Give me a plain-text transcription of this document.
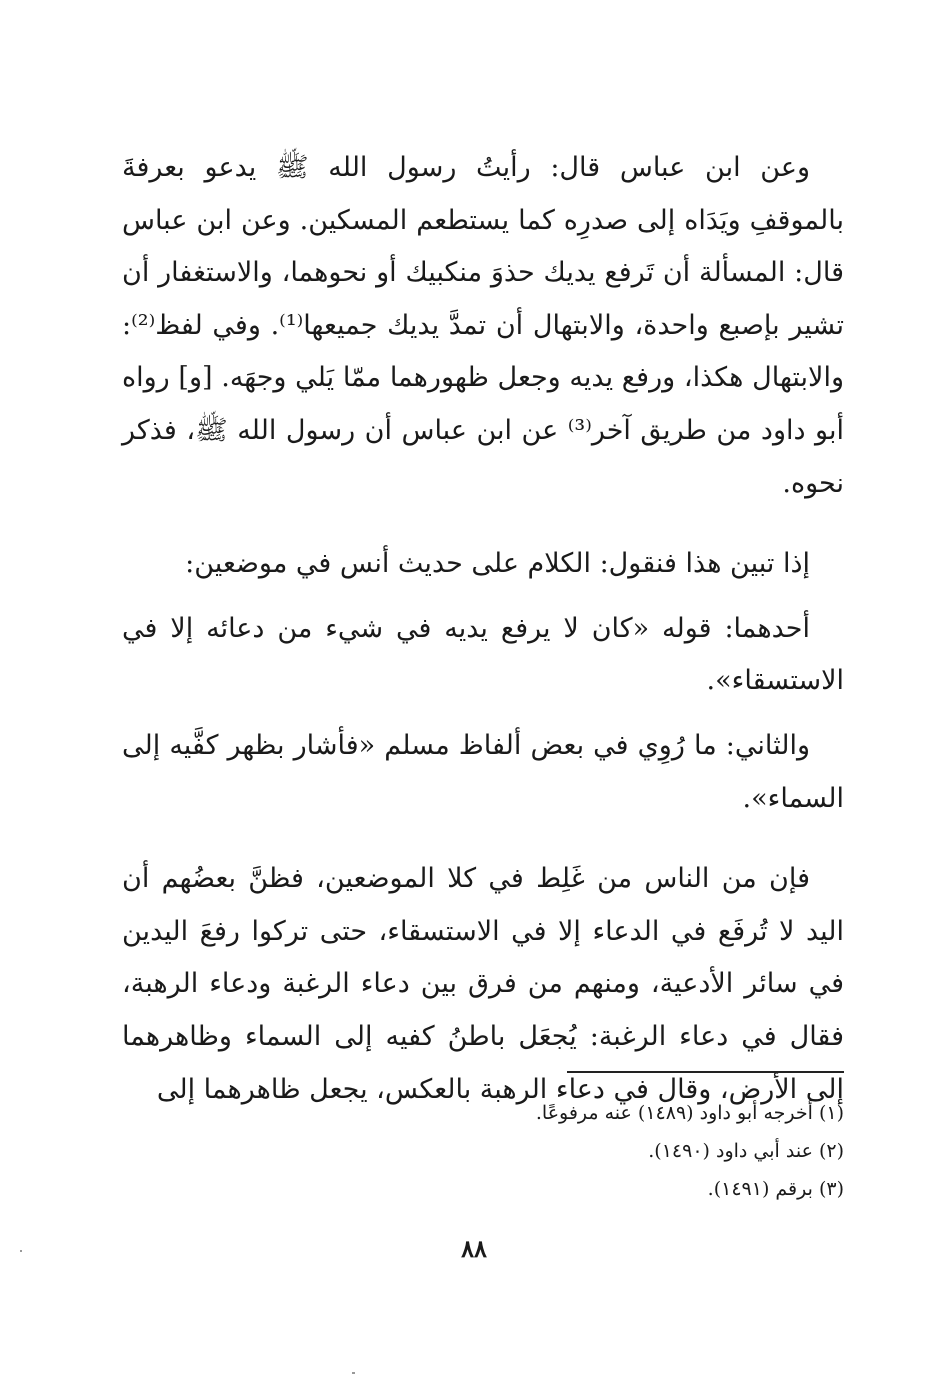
وعن ابن عباس قال: رأيتُ رسول الله ﷺ يدعو بعرفةَ بالموقفِ ويَدَاه إلى صدرِه كما يستطعم المسكين. وعن ابن عباس قال: المسألة أن تَرفع يديك حذوَ منكبيك أو نحوهما، والاستغفار أن تشير بإصبع واحدة، والابتهال أن تمدَّ يديك جميعها⁽¹⁾. وفي لفظ⁽²⁾: والابتهال هكذا، ورفع يديه وجعل ظهورهما ممّا يَلي وجهَه. [و] رواه أبو داود من طريق آخر⁽³⁾ عن ابن عباس أن رسول الله ﷺ، فذكر نحوه.

إذا تبين هذا فنقول: الكلام على حديث أنس في موضعين:

أحدهما: قوله «كان لا يرفع يديه في شيء من دعائه إلا في الاستسقاء».

والثاني: ما رُوِي في بعض ألفاظ مسلم «فأشار بظهر كفَّيه إلى السماء».

فإن من الناس من غَلِط في كلا الموضعين، فظنَّ بعضُهم أن اليد لا تُرفَع في الدعاء إلا في الاستسقاء، حتى تركوا رفعَ اليدين في سائر الأدعية، ومنهم من فرق بين دعاء الرغبة ودعاء الرهبة، فقال في دعاء الرغبة: يُجعَل باطنُ كفيه إلى السماء وظاهرهما إلى الأرض، وقال في دعاء الرهبة بالعكس، يجعل ظاهرهما إلى

(١) أخرجه أبو داود (١٤٨٩) عنه مرفوعًا.
(٢) عند أبي داود (١٤٩٠).
(٣) برقم (١٤٩١).
٨٨
